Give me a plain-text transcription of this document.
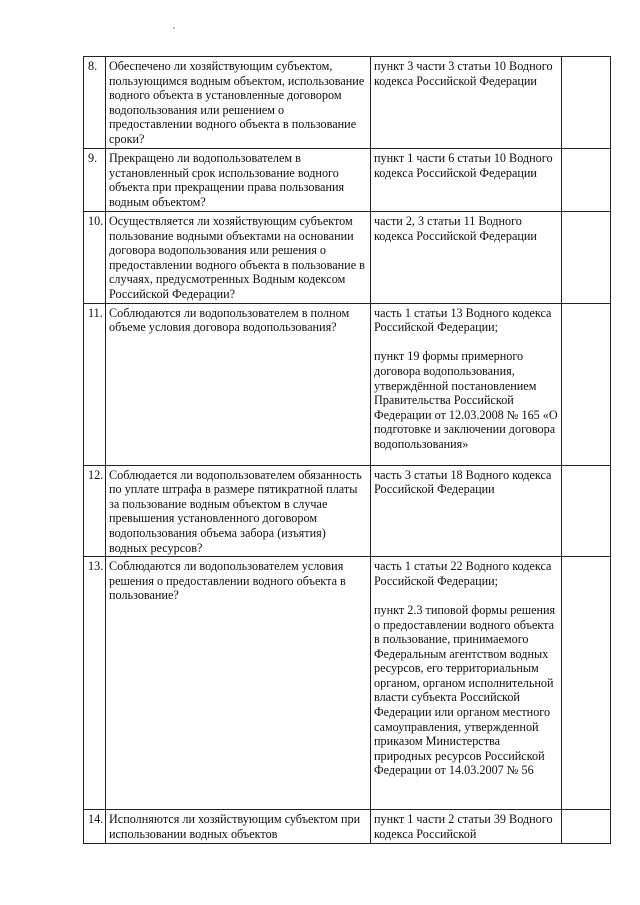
8.	Обеспечено ли хозяйствующим субъектом, пользующимся водным объектом, использование водного объекта в установленные договором водопользования или решением о предоставлении водного объекта в пользование сроки?	пункт 3 части 3 статьи 10 Водного кодекса Российской Федерации	

9.	Прекращено ли водопользователем в установленный срок использование водного объекта при прекращении права пользования водным объектом?	пункт 1 части 6 статьи 10 Водного кодекса Российской Федерации	

10.	Осуществляется ли хозяйствующим субъектом пользование водными объектами на основании договора водопользования или решения о предоставлении водного объекта в пользование в случаях, предусмотренных Водным кодексом Российской Федерации?	части 2, 3 статьи 11 Водного кодекса Российской Федерации	

11.	Соблюдаются ли водопользователем в полном объеме условия договора водопользования?	часть 1 статьи 13 Водного кодекса Российской Федерации;
пункт 19 формы примерного договора водопользования, утверждённой постановлением Правительства Российской Федерации от 12.03.2008 № 165 «О подготовке и заключении договора водопользования»	

12.	Соблюдается ли водопользователем обязанность по уплате штрафа в размере пятикратной платы за пользование водным объектом в случае превышения установленного договором водопользования объема забора (изъятия) водных ресурсов?	часть 3 статьи 18 Водного кодекса Российской Федерации	

13.	Соблюдаются ли водопользователем условия решения о предоставлении водного объекта в пользование?	часть 1 статьи 22 Водного кодекса Российской Федерации;
пункт 2.3 типовой формы решения о предоставлении водного объекта в пользование, принимаемого Федеральным агентством водных ресурсов, его территориальным органом, органом исполнительной власти субъекта Российской Федерации или органом местного самоуправления, утвержденной приказом Министерства природных ресурсов Российской Федерации от 14.03.2007 № 56	

14.	Исполняются ли хозяйствующим субъектом при использовании водных объектов	пункт 1 части 2 статьи 39 Водного кодекса Российской	
